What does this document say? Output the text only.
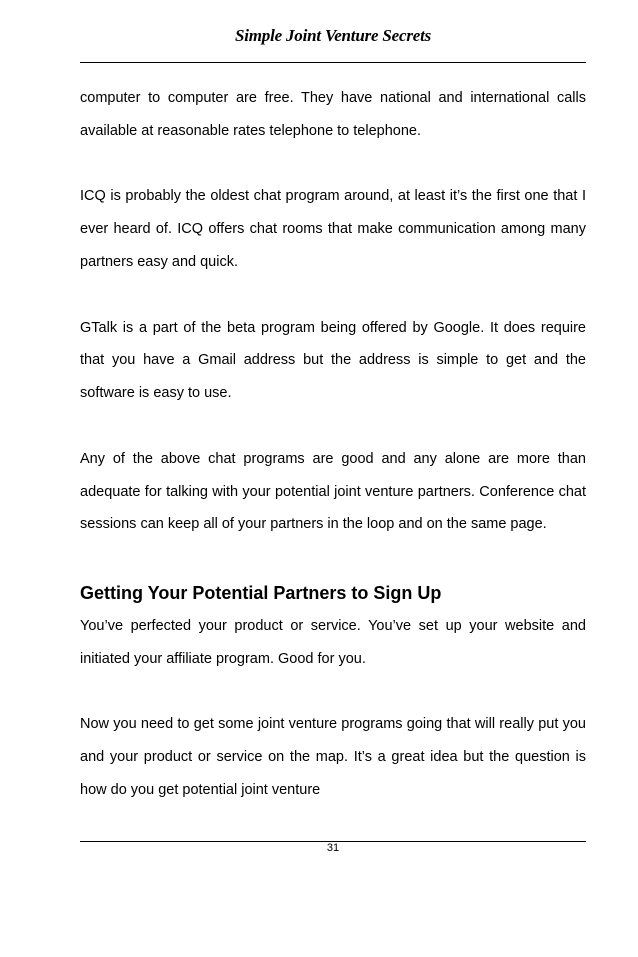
Simple Joint Venture Secrets

computer to computer are free. They have national and international calls available at reasonable rates telephone to telephone.

ICQ is probably the oldest chat program around, at least it’s the first one that I ever heard of. ICQ offers chat rooms that make communication among many partners easy and quick.

GTalk is a part of the beta program being offered by Google. It does require that you have a Gmail address but the address is simple to get and the software is easy to use.

Any of the above chat programs are good and any alone are more than adequate for talking with your potential joint venture partners. Conference chat sessions can keep all of your partners in the loop and on the same page.

Getting Your Potential Partners to Sign Up

You’ve perfected your product or service. You’ve set up your website and initiated your affiliate program. Good for you.

Now you need to get some joint venture programs going that will really put you and your product or service on the map. It’s a great idea but the question is how do you get potential joint venture

31
